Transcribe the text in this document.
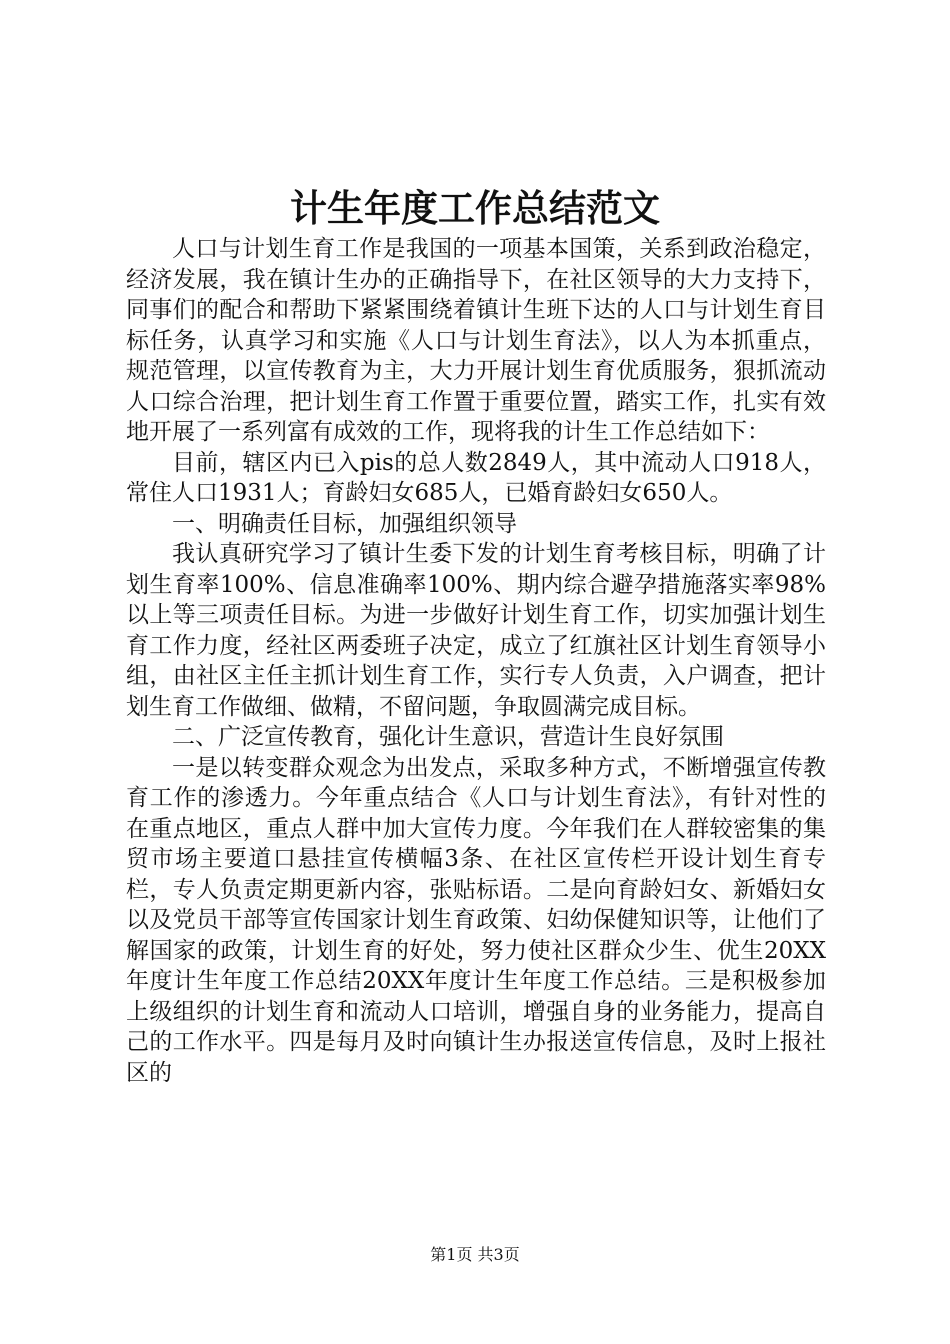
计生年度工作总结范文

人口与计划生育工作是我国的一项基本国策，关系到政治稳定，经济发展，我在镇计生办的正确指导下，在社区领导的大力支持下，同事们的配合和帮助下紧紧围绕着镇计生班下达的人口与计划生育目标任务，认真学习和实施《人口与计划生育法》，以人为本抓重点，规范管理，以宣传教育为主，大力开展计划生育优质服务，狠抓流动人口综合治理，把计划生育工作置于重要位置，踏实工作，扎实有效地开展了一系列富有成效的工作，现将我的计生工作总结如下：

目前，辖区内已入pis的总人数2849人，其中流动人口918人，常住人口1931人；育龄妇女685人，已婚育龄妇女650人。

一、明确责任目标，加强组织领导

我认真研究学习了镇计生委下发的计划生育考核目标，明确了计划生育率100%、信息准确率100%、期内综合避孕措施落实率98%以上等三项责任目标。为进一步做好计划生育工作，切实加强计划生育工作力度，经社区两委班子决定，成立了红旗社区计划生育领导小组，由社区主任主抓计划生育工作，实行专人负责，入户调查，把计划生育工作做细、做精，不留问题，争取圆满完成目标。

二、广泛宣传教育，强化计生意识，营造计生良好氛围

一是以转变群众观念为出发点，采取多种方式，不断增强宣传教育工作的渗透力。今年重点结合《人口与计划生育法》，有针对性的在重点地区，重点人群中加大宣传力度。今年我们在人群较密集的集贸市场主要道口悬挂宣传横幅3条、在社区宣传栏开设计划生育专栏，专人负责定期更新内容，张贴标语。二是向育龄妇女、新婚妇女以及党员干部等宣传国家计划生育政策、妇幼保健知识等，让他们了解国家的政策，计划生育的好处，努力使社区群众少生、优生20XX年度计生年度工作总结20XX年度计生年度工作总结。三是积极参加上级组织的计划生育和流动人口培训，增强自身的业务能力，提高自己的工作水平。四是每月及时向镇计生办报送宣传信息，及时上报社区的

第1页 共3页
